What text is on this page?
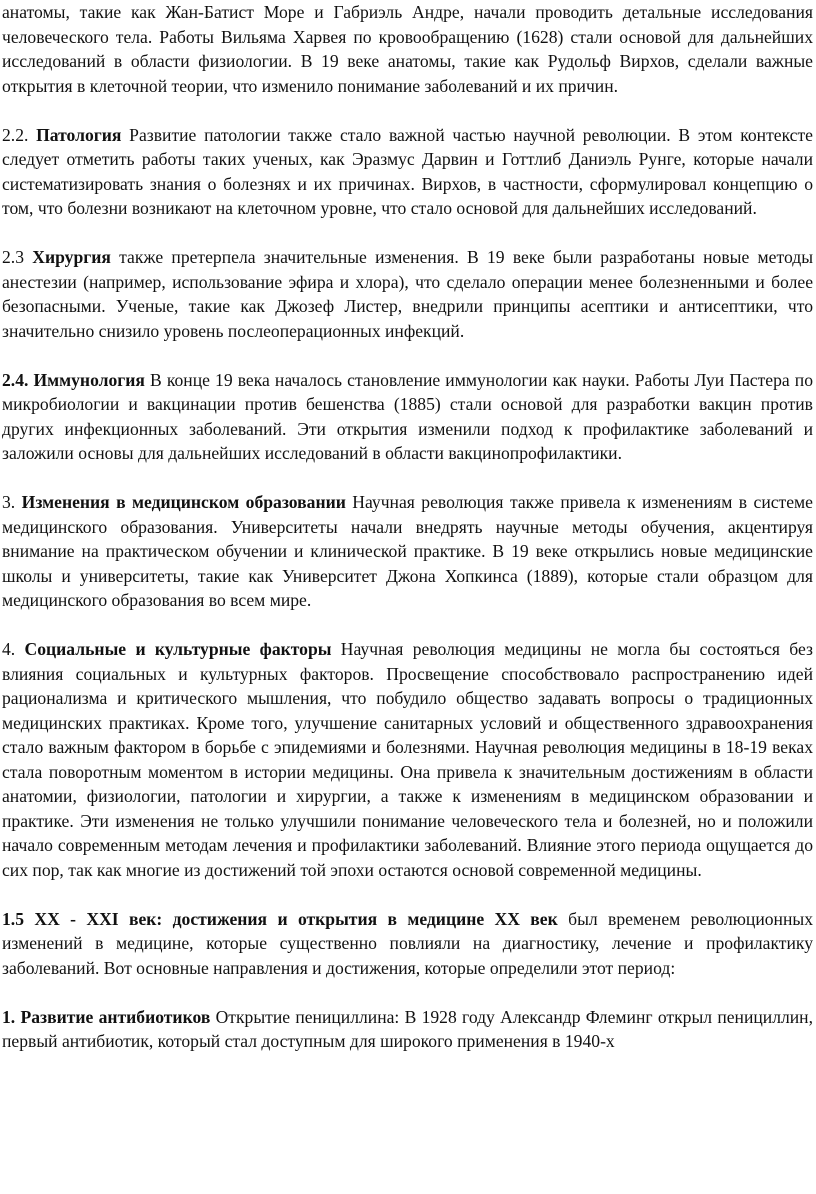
анатомы, такие как Жан-Батист Море и Габриэль Андре, начали проводить детальные исследования человеческого тела. Работы Вильяма Харвея по кровообращению (1628) стали основой для дальнейших исследований в области физиологии. В 19 веке анатомы, такие как Рудольф Вирхов, сделали важные открытия в клеточной теории, что изменило понимание заболеваний и их причин.

2.2. Патология Развитие патологии также стало важной частью научной революции. В этом контексте следует отметить работы таких ученых, как Эразмус Дарвин и Готтлиб Даниэль Рунге, которые начали систематизировать знания о болезнях и их причинах. Вирхов, в частности, сформулировал концепцию о том, что болезни возникают на клеточном уровне, что стало основой для дальнейших исследований.

2.3 Хирургия также претерпела значительные изменения. В 19 веке были разработаны новые методы анестезии (например, использование эфира и хлора), что сделало операции менее болезненными и более безопасными. Ученые, такие как Джозеф Листер, внедрили принципы асептики и антисептики, что значительно снизило уровень послеоперационных инфекций.

2.4. Иммунология В конце 19 века началось становление иммунологии как науки. Работы Луи Пастера по микробиологии и вакцинации против бешенства (1885) стали основой для разработки вакцин против других инфекционных заболеваний. Эти открытия изменили подход к профилактике заболеваний и заложили основы для дальнейших исследований в области вакцинопрофилактики.

3. Изменения в медицинском образовании Научная революция также привела к изменениям в системе медицинского образования. Университеты начали внедрять научные методы обучения, акцентируя внимание на практическом обучении и клинической практике. В 19 веке открылись новые медицинские школы и университеты, такие как Университет Джона Хопкинса (1889), которые стали образцом для медицинского образования во всем мире.

4. Социальные и культурные факторы Научная революция медицины не могла бы состояться без влияния социальных и культурных факторов. Просвещение способствовало распространению идей рационализма и критического мышления, что побудило общество задавать вопросы о традиционных медицинских практиках. Кроме того, улучшение санитарных условий и общественного здравоохранения стало важным фактором в борьбе с эпидемиями и болезнями. Научная революция медицины в 18-19 веках стала поворотным моментом в истории медицины. Она привела к значительным достижениям в области анатомии, физиологии, патологии и хирургии, а также к изменениям в медицинском образовании и практике. Эти изменения не только улучшили понимание человеческого тела и болезней, но и положили начало современным методам лечения и профилактики заболеваний. Влияние этого периода ощущается до сих пор, так как многие из достижений той эпохи остаются основой современной медицины.

1.5 XX - XXI век: достижения и открытия в медицине XX век был временем революционных изменений в медицине, которые существенно повлияли на диагностику, лечение и профилактику заболеваний. Вот основные направления и достижения, которые определили этот период:

1. Развитие антибиотиков Открытие пенициллина: В 1928 году Александр Флеминг открыл пенициллин, первый антибиотик, который стал доступным для широкого применения в 1940-х
